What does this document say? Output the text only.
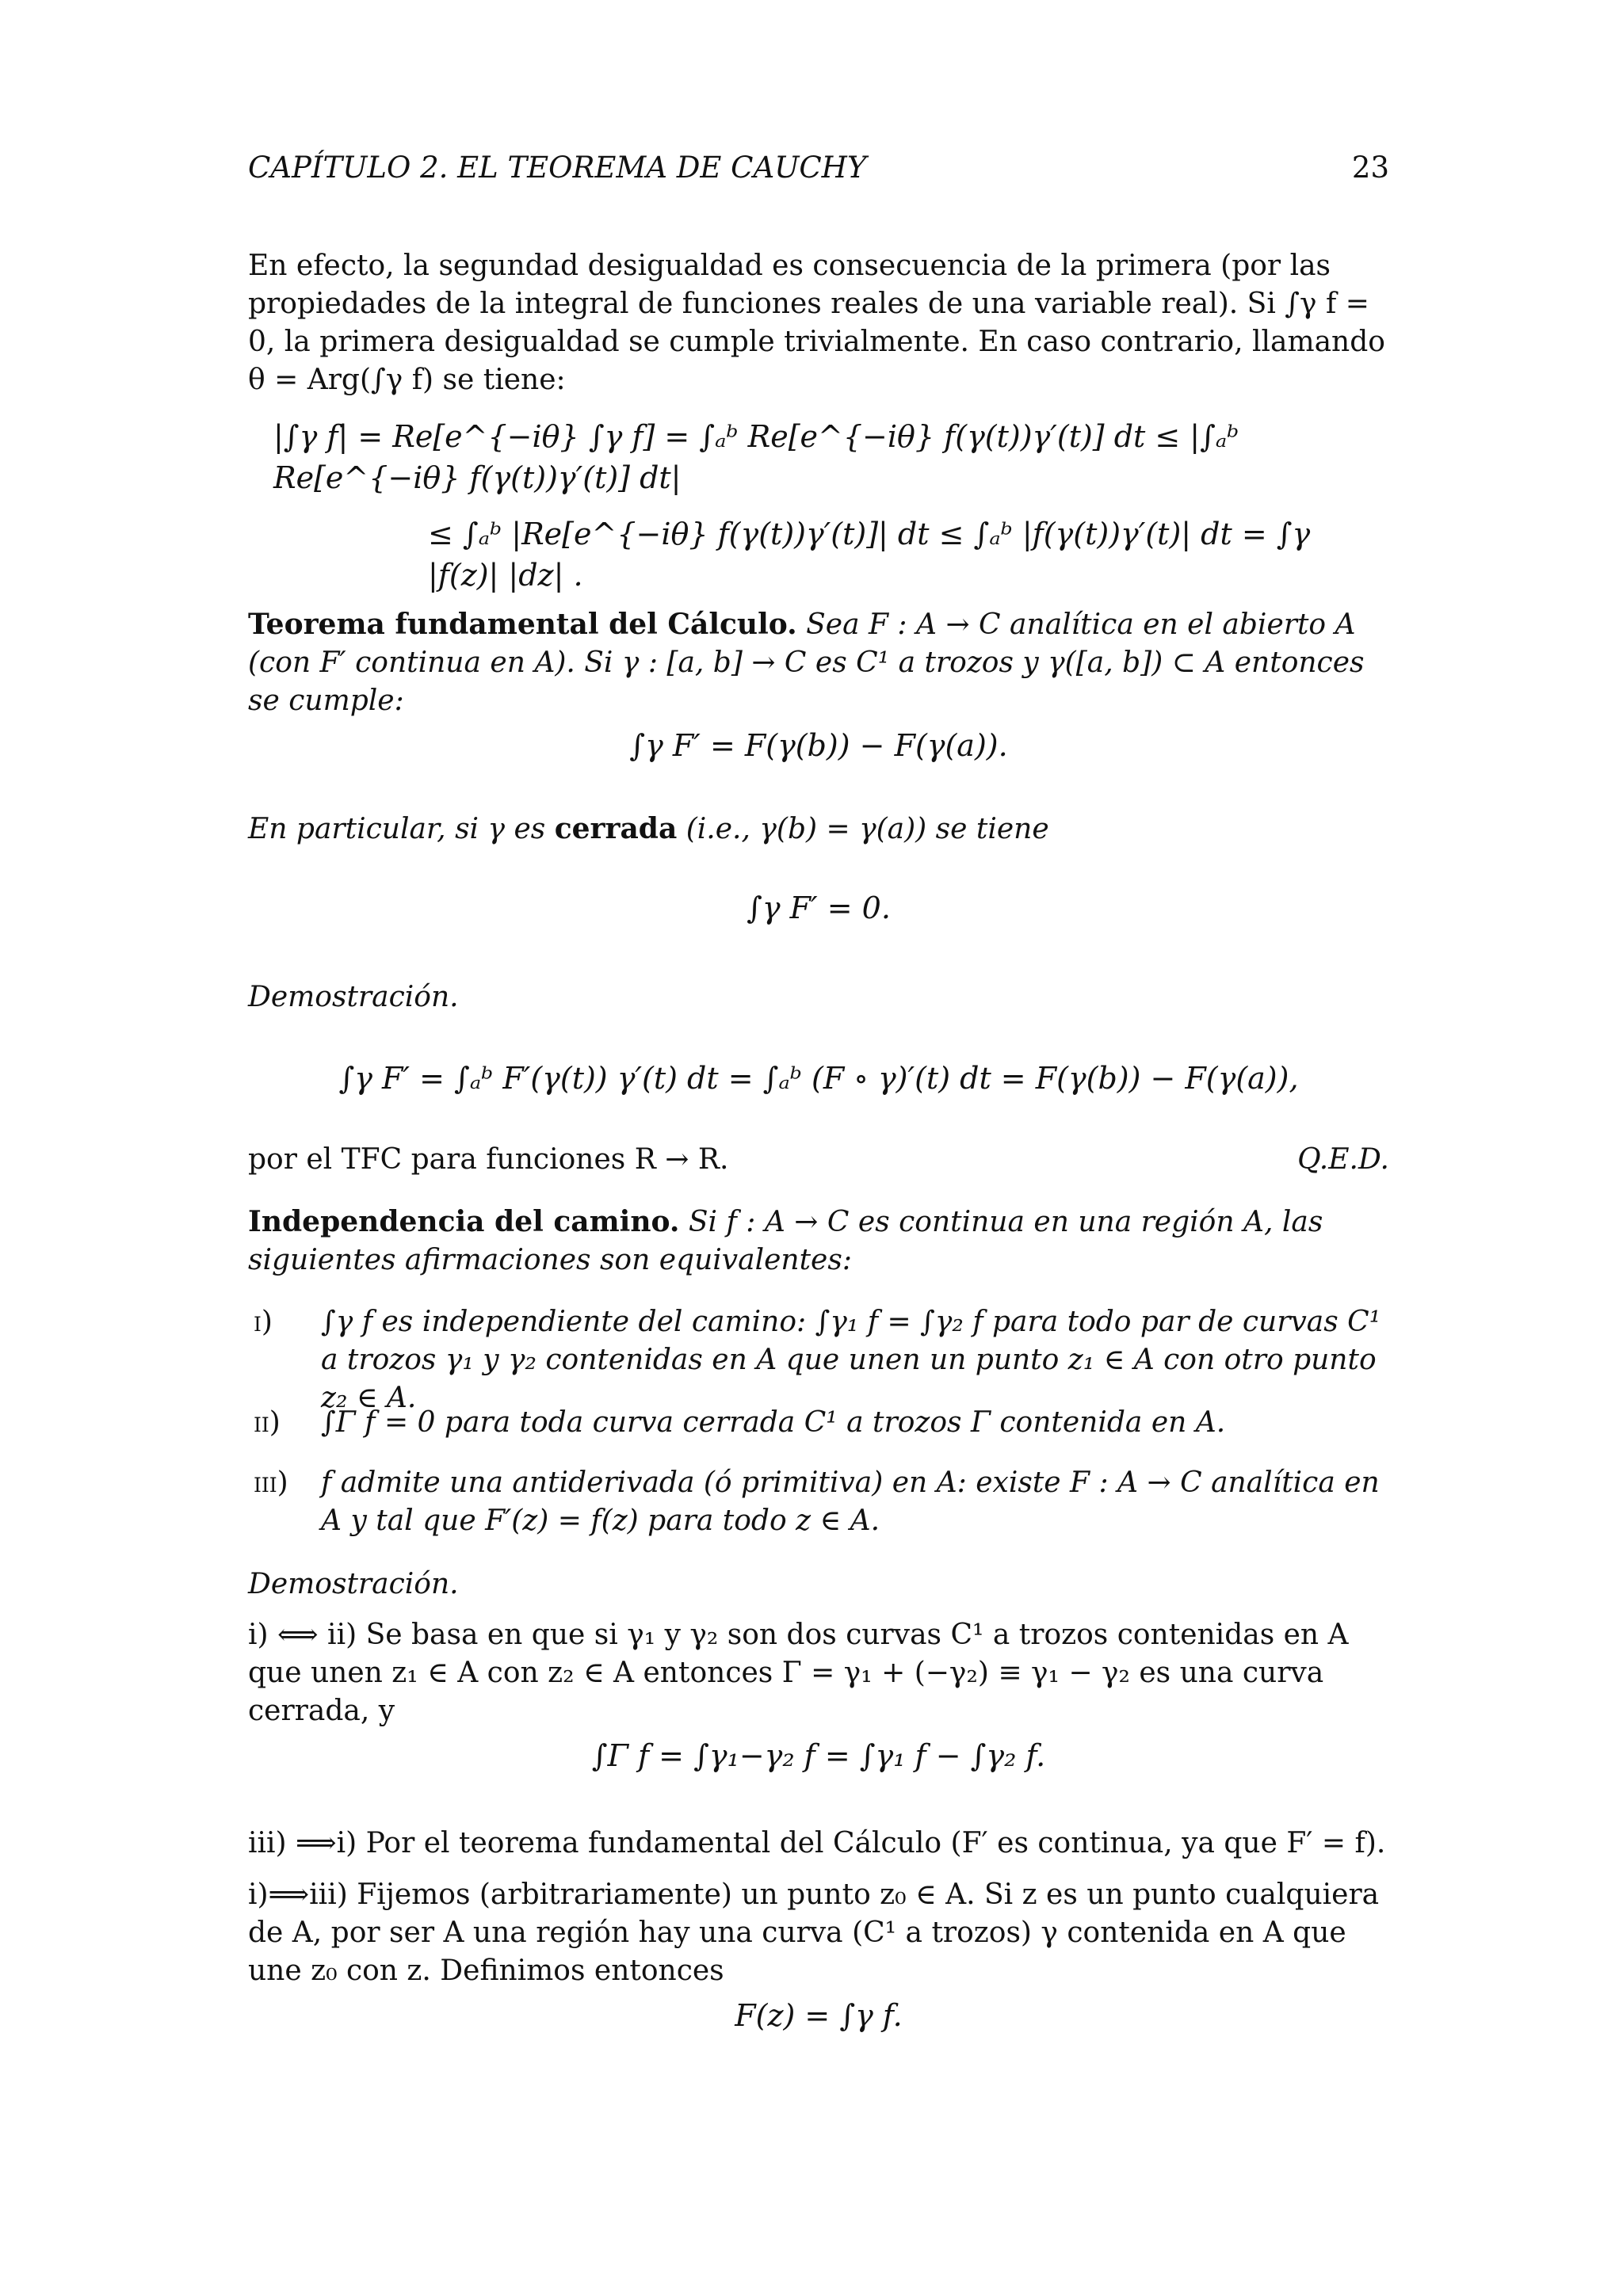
CAPÍTULO 2. EL TEOREMA DE CAUCHY	23
En efecto, la segundad desigualdad es consecuencia de la primera (por las propiedades de la integral de funciones reales de una variable real). Si ∫γ f = 0, la primera desigualdad se cumple trivialmente. En caso contrario, llamando θ = Arg(∫γ f) se tiene:
|∫γ f| = Re[e^{−iθ} ∫γ f] = ∫ₐᵇ Re[e^{−iθ} f(γ(t))γ′(t)] dt ≤ |∫ₐᵇ Re[e^{−iθ} f(γ(t))γ′(t)] dt|
≤ ∫ₐᵇ |Re[e^{−iθ} f(γ(t))γ′(t)]| dt ≤ ∫ₐᵇ |f(γ(t))γ′(t)| dt = ∫γ |f(z)| |dz| .
Teorema fundamental del Cálculo. Sea F : A → C analítica en el abierto A (con F′ continua en A). Si γ : [a, b] → C es C¹ a trozos y γ([a, b]) ⊂ A entonces se cumple:
∫γ F′ = F(γ(b)) − F(γ(a)).
En particular, si γ es cerrada (i.e., γ(b) = γ(a)) se tiene
∫γ F′ = 0.
Demostración.
∫γ F′ = ∫ₐᵇ F′(γ(t)) γ′(t) dt = ∫ₐᵇ (F ∘ γ)′(t) dt = F(γ(b)) − F(γ(a)),
por el TFC para funciones R → R.	Q.E.D.
Independencia del camino. Si f : A → C es continua en una región A, las siguientes afirmaciones son equivalentes:
i) ∫γ f es independiente del camino: ∫γ₁ f = ∫γ₂ f para todo par de curvas C¹ a trozos γ₁ y γ₂ contenidas en A que unen un punto z₁ ∈ A con otro punto z₂ ∈ A.
ii) ∫Γ f = 0 para toda curva cerrada C¹ a trozos Γ contenida en A.
iii) f admite una antiderivada (ó primitiva) en A: existe F : A → C analítica en A y tal que F′(z) = f(z) para todo z ∈ A.
Demostración.
i) ⟺ ii) Se basa en que si γ₁ y γ₂ son dos curvas C¹ a trozos contenidas en A que unen z₁ ∈ A con z₂ ∈ A entonces Γ = γ₁ + (−γ₂) ≡ γ₁ − γ₂ es una curva cerrada, y
∫Γ f = ∫γ₁−γ₂ f = ∫γ₁ f − ∫γ₂ f.
iii) ⟹i) Por el teorema fundamental del Cálculo (F′ es continua, ya que F′ = f).
i)⟹iii) Fijemos (arbitrariamente) un punto z₀ ∈ A. Si z es un punto cualquiera de A, por ser A una región hay una curva (C¹ a trozos) γ contenida en A que une z₀ con z. Definimos entonces
F(z) = ∫γ f.
